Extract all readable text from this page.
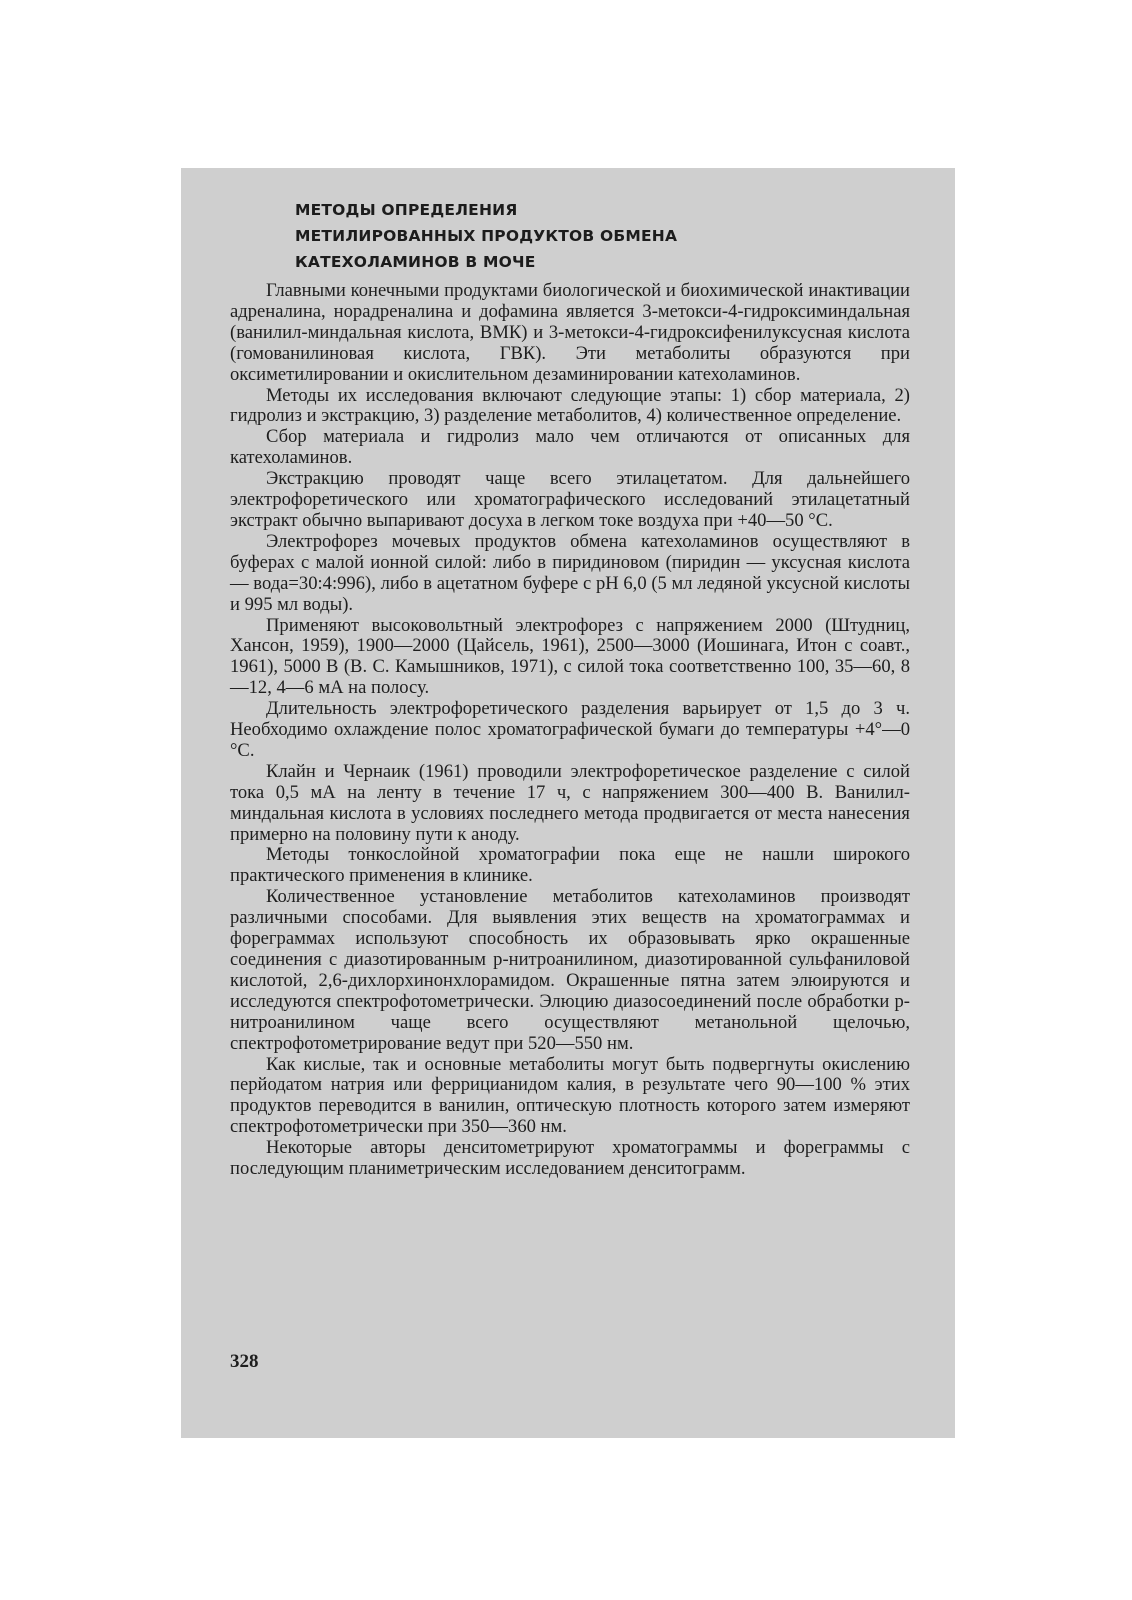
МЕТОДЫ ОПРЕДЕЛЕНИЯ
МЕТИЛИРОВАННЫХ ПРОДУКТОВ ОБМЕНА
КАТЕХОЛАМИНОВ В МОЧЕ

Главными конечными продуктами биологической и биохимической инактивации адреналина, норадреналина и дофамина является 3-метокси-4-гидроксиминдальная (ванилил-миндальная кислота, ВМК) и 3-метокси-4-гидроксифенилуксусная кислота (гомованилиновая кислота, ГВК). Эти метаболиты образуются при оксиметилировании и окислительном дезаминировании катехоламинов.

Методы их исследования включают следующие этапы: 1) сбор материала, 2) гидролиз и экстракцию, 3) разделение метаболитов, 4) количественное определение.

Сбор материала и гидролиз мало чем отличаются от описанных для катехоламинов.

Экстракцию проводят чаще всего этилацетатом. Для дальнейшего электрофоретического или хроматографического исследований этилацетатный экстракт обычно выпаривают досуха в легком токе воздуха при +40—50 °C.

Электрофорез мочевых продуктов обмена катехоламинов осуществляют в буферах с малой ионной силой: либо в пиридиновом (пиридин — уксусная кислота — вода=30:4:996), либо в ацетатном буфере с pH 6,0 (5 мл ледяной уксусной кислоты и 995 мл воды).

Применяют высоковольтный электрофорез с напряжением 2000 (Штудниц, Хансон, 1959), 1900—2000 (Цайсель, 1961), 2500—3000 (Иошинага, Итон с соавт., 1961), 5000 В (В. С. Камышников, 1971), с силой тока соответственно 100, 35—60, 8—12, 4—6 мА на полосу.

Длительность электрофоретического разделения варьирует от 1,5 до 3 ч. Необходимо охлаждение полос хроматографической бумаги до температуры +4°—0 °C.

Клайн и Чернаик (1961) проводили электрофоретическое разделение с силой тока 0,5 мА на ленту в течение 17 ч, с напряжением 300—400 В. Ванилил-миндальная кислота в условиях последнего метода продвигается от места нанесения примерно на половину пути к аноду.

Методы тонкослойной хроматографии пока еще не нашли широкого практического применения в клинике.

Количественное установление метаболитов катехоламинов производят различными способами. Для выявления этих веществ на хроматограммах и фореграммах используют способность их образовывать ярко окрашенные соединения с диазотированным p-нитроанилином, диазотированной сульфаниловой кислотой, 2,6-дихлорхинонхлорамидом. Окрашенные пятна затем элюируются и исследуются спектрофотометрически. Элюцию диазосоединений после обработки p-нитроанилином чаще всего осуществляют метанольной щелочью, спектрофотометрирование ведут при 520—550 нм.

Как кислые, так и основные метаболиты могут быть подвергнуты окислению перйодатом натрия или феррицианидом калия, в результате чего 90—100 % этих продуктов переводится в ванилин, оптическую плотность которого затем измеряют спектрофотометрически при 350—360 нм.

Некоторые авторы денситометрируют хроматограммы и фореграммы с последующим планиметрическим исследованием денситограмм.

328
